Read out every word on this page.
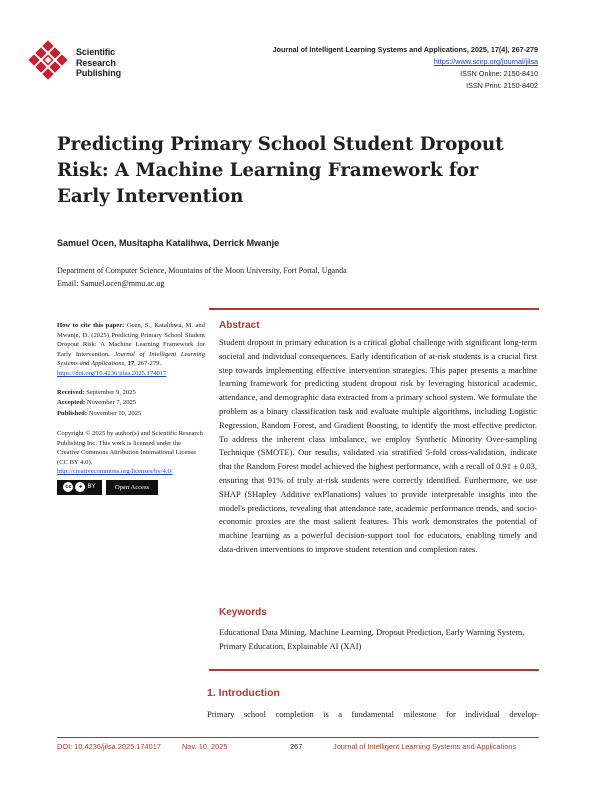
Scientific
Research
Publishing
Journal of Intelligent Learning Systems and Applications, 2025, 17(4), 267-279
https://www.scirp.org/journal/jilsa
ISSN Online: 2150-8410
ISSN Print: 2150-8402
Predicting Primary School Student Dropout Risk: A Machine Learning Framework for Early Intervention
Samuel Ocen, Musitapha Katalihwa, Derrick Mwanje
Department of Computer Science, Mountains of the Moon University, Fort Portal, Uganda
Email: Samuel.ocen@mmu.ac.ug
How to cite this paper: Ocen, S., Katalihwa, M. and Mwanje, D. (2025) Predicting Primary School Student Dropout Risk: A Machine Learning Framework for Early Intervention. Journal of Intelligent Learning Systems and Applications, 17, 267-279.
https://doi.org/10.4236/jilsa.2025.174017
Received: September 9, 2025
Accepted: November 7, 2025
Published: November 10, 2025
Copyright © 2025 by author(s) and Scientific Research Publishing Inc. This work is licensed under the Creative Commons Attribution International License (CC BY 4.0).
http://creativecommons.org/licenses/by/4.0/
cc	● BY	Open Access
Abstract

Student dropout in primary education is a critical global challenge with significant long-term societal and individual consequences. Early identification of at-risk students is a crucial first step towards implementing effective intervention strategies. This paper presents a machine learning framework for predicting student dropout risk by leveraging historical academic, attendance, and demographic data extracted from a primary school system. We formulate the problem as a binary classification task and evaluate multiple algorithms, including Logistic Regression, Random Forest, and Gradient Boosting, to identify the most effective predictor. To address the inherent class imbalance, we employ Synthetic Minority Over-sampling Technique (SMOTE). Our results, validated via stratified 5-fold cross-validation, indicate that the Random Forest model achieved the highest performance, with a recall of 0.91 ± 0.03, ensuring that 91% of truly at-risk students were correctly identified. Furthermore, we use SHAP (SHapley Additive exPlanations) values to provide interpretable insights into the model's predictions, revealing that attendance rate, academic performance trends, and socio-economic proxies are the most salient features. This work demonstrates the potential of machine learning as a powerful decision-support tool for educators, enabling timely and data-driven interventions to improve student retention and completion rates.

Keywords

Educational Data Mining, Machine Learning, Dropout Prediction, Early Warning System, Primary Education, Explainable AI (XAI)

1. Introduction

Primary school completion is a fundamental milestone for individual develop-

DOI: 10.4236/jilsa.2025.174017	Nov. 10, 2025	267	Journal of Intelligent Learning Systems and Applications
